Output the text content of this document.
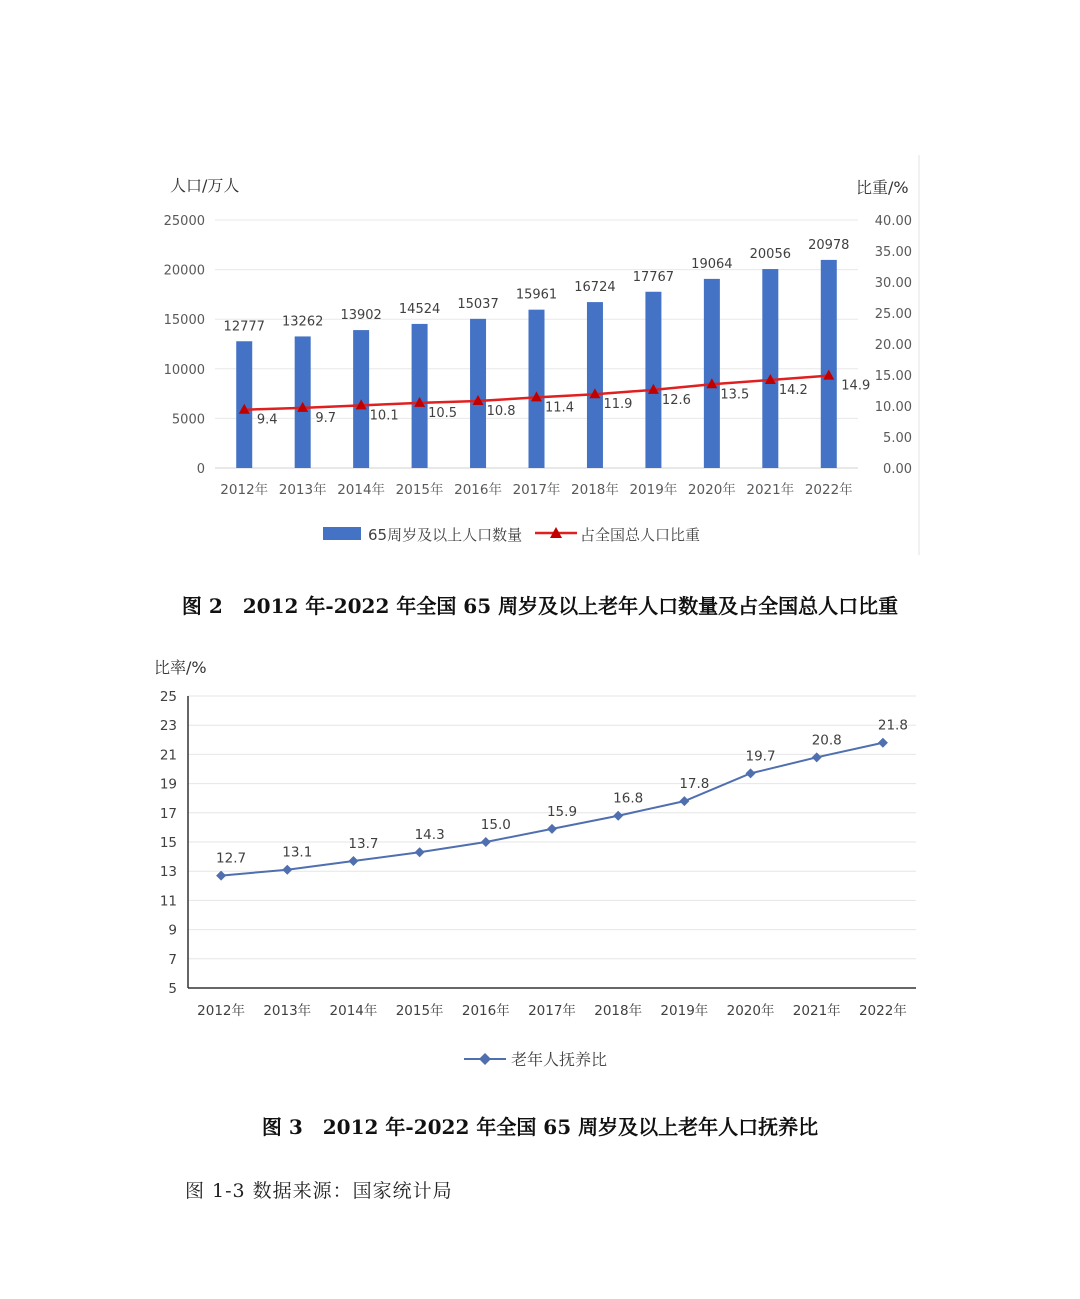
人口/万人	比重/%
0
5000
10000
15000
20000
25000
0.00
5.00
10.00
15.00
20.00
25.00
30.00
35.00
40.00
12777 13262 13902 14524 15037
15961
16724
17767
19064
20056
20978
9.4	9.7	10.1 10.5 10.8 11.4 11.9 12.6 13.5 14.2	14.9
2012年 2013年 2014年 2015年 2016年 2017年 2018年 2019年 2020年 2021年 2022年
65周岁及以上人口数量	占全国总人口比重
图 2　2012 年-2022 年全国 65 周岁及以上老年人口数量及占全国总人口比重
比率/%
5
7
9
11
13
15
17
19
21
23
25
12.7	13.1
13.7
14.3
15.0
15.9
16.8
17.8
19.7
20.8
21.8
2012年 2013年 2014年 2015年 2016年 2017年 2018年 2019年 2020年 2021年 2022年
老年人抚养比
图 3　2012 年-2022 年全国 65 周岁及以上老年人口抚养比
图 1-3 数据来源：国家统计局
